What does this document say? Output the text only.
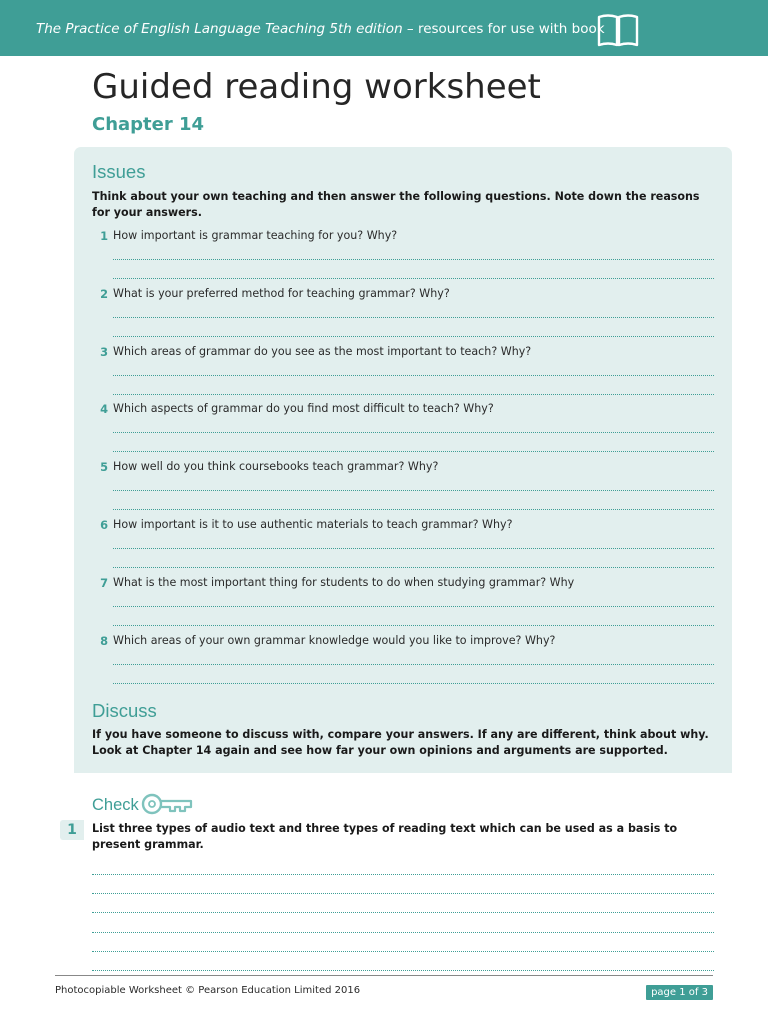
The Practice of English Language Teaching 5th edition – resources for use with book
Guided reading worksheet
Chapter 14
Issues
Think about your own teaching and then answer the following questions. Note down the reasons for your answers.
1 How important is grammar teaching for you? Why?
2 What is your preferred method for teaching grammar? Why?
3 Which areas of grammar do you see as the most important to teach? Why?
4 Which aspects of grammar do you find most difficult to teach? Why?
5 How well do you think coursebooks teach grammar? Why?
6 How important is it to use authentic materials to teach grammar? Why?
7 What is the most important thing for students to do when studying grammar? Why
8 Which areas of your own grammar knowledge would you like to improve? Why?
Discuss
If you have someone to discuss with, compare your answers. If any are different, think about why. Look at Chapter 14 again and see how far your own opinions and arguments are supported.
Check
1	List three types of audio text and three types of reading text which can be used as a basis to present grammar.
Photocopiable Worksheet © Pearson Education Limited 2016	page 1 of 3
